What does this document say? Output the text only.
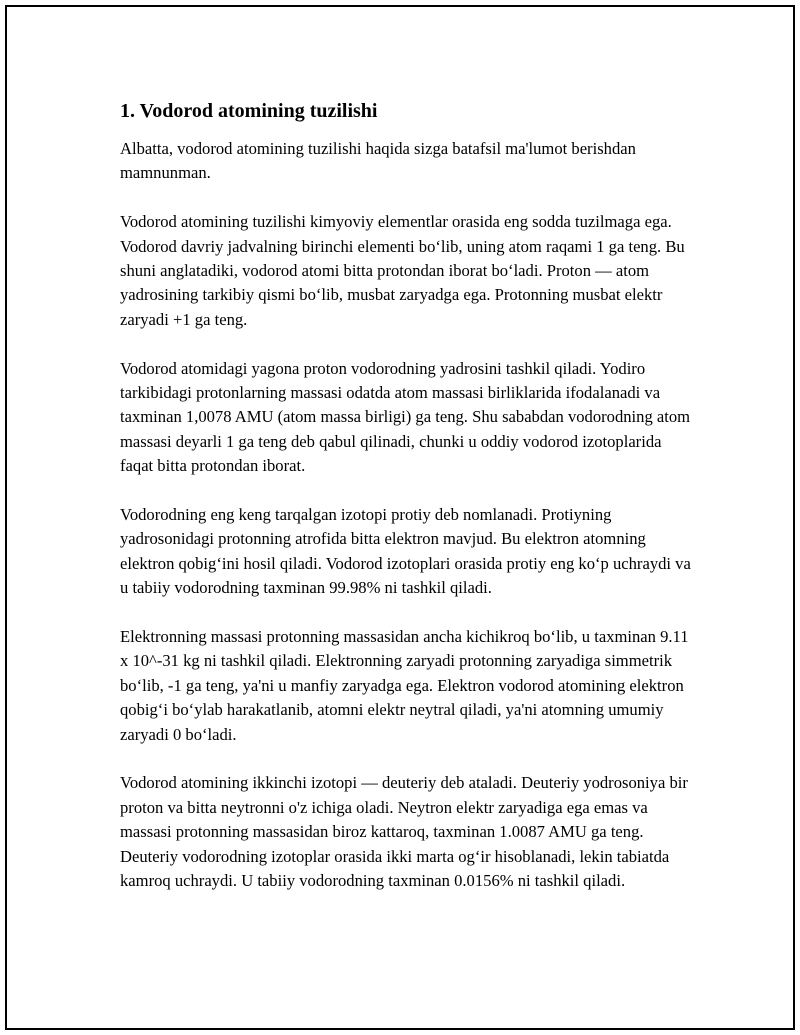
1. Vodorod atomining tuzilishi

Albatta, vodorod atomining tuzilishi haqida sizga batafsil ma'lumot berishdan mamnunman.

Vodorod atomining tuzilishi kimyoviy elementlar orasida eng sodda tuzilmaga ega. Vodorod davriy jadvalning birinchi elementi bo‘lib, uning atom raqami 1 ga teng. Bu shuni anglatadiki, vodorod atomi bitta protondan iborat bo‘ladi. Proton — atom yadrosining tarkibiy qismi bo‘lib, musbat zaryadga ega. Protonning musbat elektr zaryadi +1 ga teng.

Vodorod atomidagi yagona proton vodorodning yadrosini tashkil qiladi. Yodiro tarkibidagi protonlarning massasi odatda atom massasi birliklarida ifodalanadi va taxminan 1,0078 AMU (atom massa birligi) ga teng. Shu sababdan vodorodning atom massasi deyarli 1 ga teng deb qabul qilinadi, chunki u oddiy vodorod izotoplarida faqat bitta protondan iborat.

Vodorodning eng keng tarqalgan izotopi protiy deb nomlanadi. Protiyning yadrosonidagi protonning atrofida bitta elektron mavjud. Bu elektron atomning elektron qobig‘ini hosil qiladi. Vodorod izotoplari orasida protiy eng ko‘p uchraydi va u tabiiy vodorodning taxminan 99.98% ni tashkil qiladi.

Elektronning massasi protonning massasidan ancha kichikroq bo‘lib, u taxminan 9.11 x 10^-31 kg ni tashkil qiladi. Elektronning zaryadi protonning zaryadiga simmetrik bo‘lib, -1 ga teng, ya'ni u manfiy zaryadga ega. Elektron vodorod atomining elektron qobig‘i bo‘ylab harakatlanib, atomni elektr neytral qiladi, ya'ni atomning umumiy zaryadi 0 bo‘ladi.

Vodorod atomining ikkinchi izotopi — deuteriy deb ataladi. Deuteriy yodrosoniya bir proton va bitta neytronni o'z ichiga oladi. Neytron elektr zaryadiga ega emas va massasi protonning massasidan biroz kattaroq, taxminan 1.0087 AMU ga teng. Deuteriy vodorodning izotoplar orasida ikki marta og‘ir hisoblanadi, lekin tabiatda kamroq uchraydi. U tabiiy vodorodning taxminan 0.0156% ni tashkil qiladi.
